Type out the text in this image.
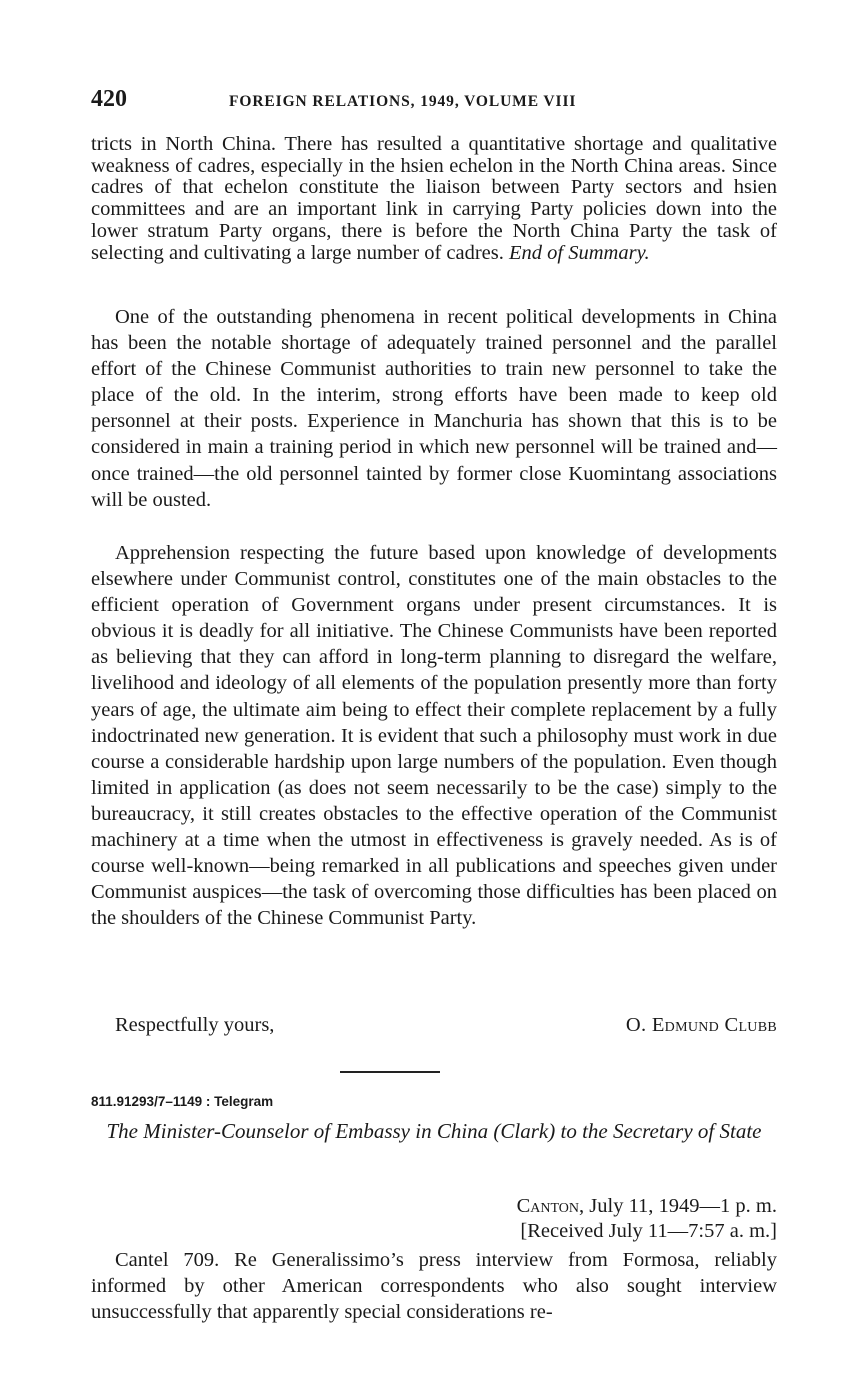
420	FOREIGN RELATIONS, 1949, VOLUME VIII

tricts in North China. There has resulted a quantitative shortage and qualitative weakness of cadres, especially in the hsien echelon in the North China areas. Since cadres of that echelon constitute the liaison between Party sectors and hsien committees and are an important link in carrying Party policies down into the lower stratum Party organs, there is before the North China Party the task of selecting and cultivating a large number of cadres. End of Summary.

One of the outstanding phenomena in recent political developments in China has been the notable shortage of adequately trained personnel and the parallel effort of the Chinese Communist authorities to train new personnel to take the place of the old. In the interim, strong efforts have been made to keep old personnel at their posts. Experience in Manchuria has shown that this is to be considered in main a training period in which new personnel will be trained and—once trained—the old personnel tainted by former close Kuomintang associations will be ousted.

Apprehension respecting the future based upon knowledge of developments elsewhere under Communist control, constitutes one of the main obstacles to the efficient operation of Government organs under present circumstances. It is obvious it is deadly for all initiative. The Chinese Communists have been reported as believing that they can afford in long-term planning to disregard the welfare, livelihood and ideology of all elements of the population presently more than forty years of age, the ultimate aim being to effect their complete replacement by a fully indoctrinated new generation. It is evident that such a philosophy must work in due course a considerable hardship upon large numbers of the population. Even though limited in application (as does not seem necessarily to be the case) simply to the bureaucracy, it still creates obstacles to the effective operation of the Communist machinery at a time when the utmost in effectiveness is gravely needed. As is of course well-known—being remarked in all publications and speeches given under Communist auspices—the task of overcoming those difficulties has been placed on the shoulders of the Chinese Communist Party.

Respectfully yours,	O. Edmund Clubb
811.91293/7–1149 : Telegram
The Minister-Counselor of Embassy in China (Clark) to the Secretary of State
Canton, July 11, 1949—1 p. m.
[Received July 11—7:57 a. m.]

Cantel 709. Re Generalissimo’s press interview from Formosa, reliably informed by other American correspondents who also sought interview unsuccessfully that apparently special considerations re-
